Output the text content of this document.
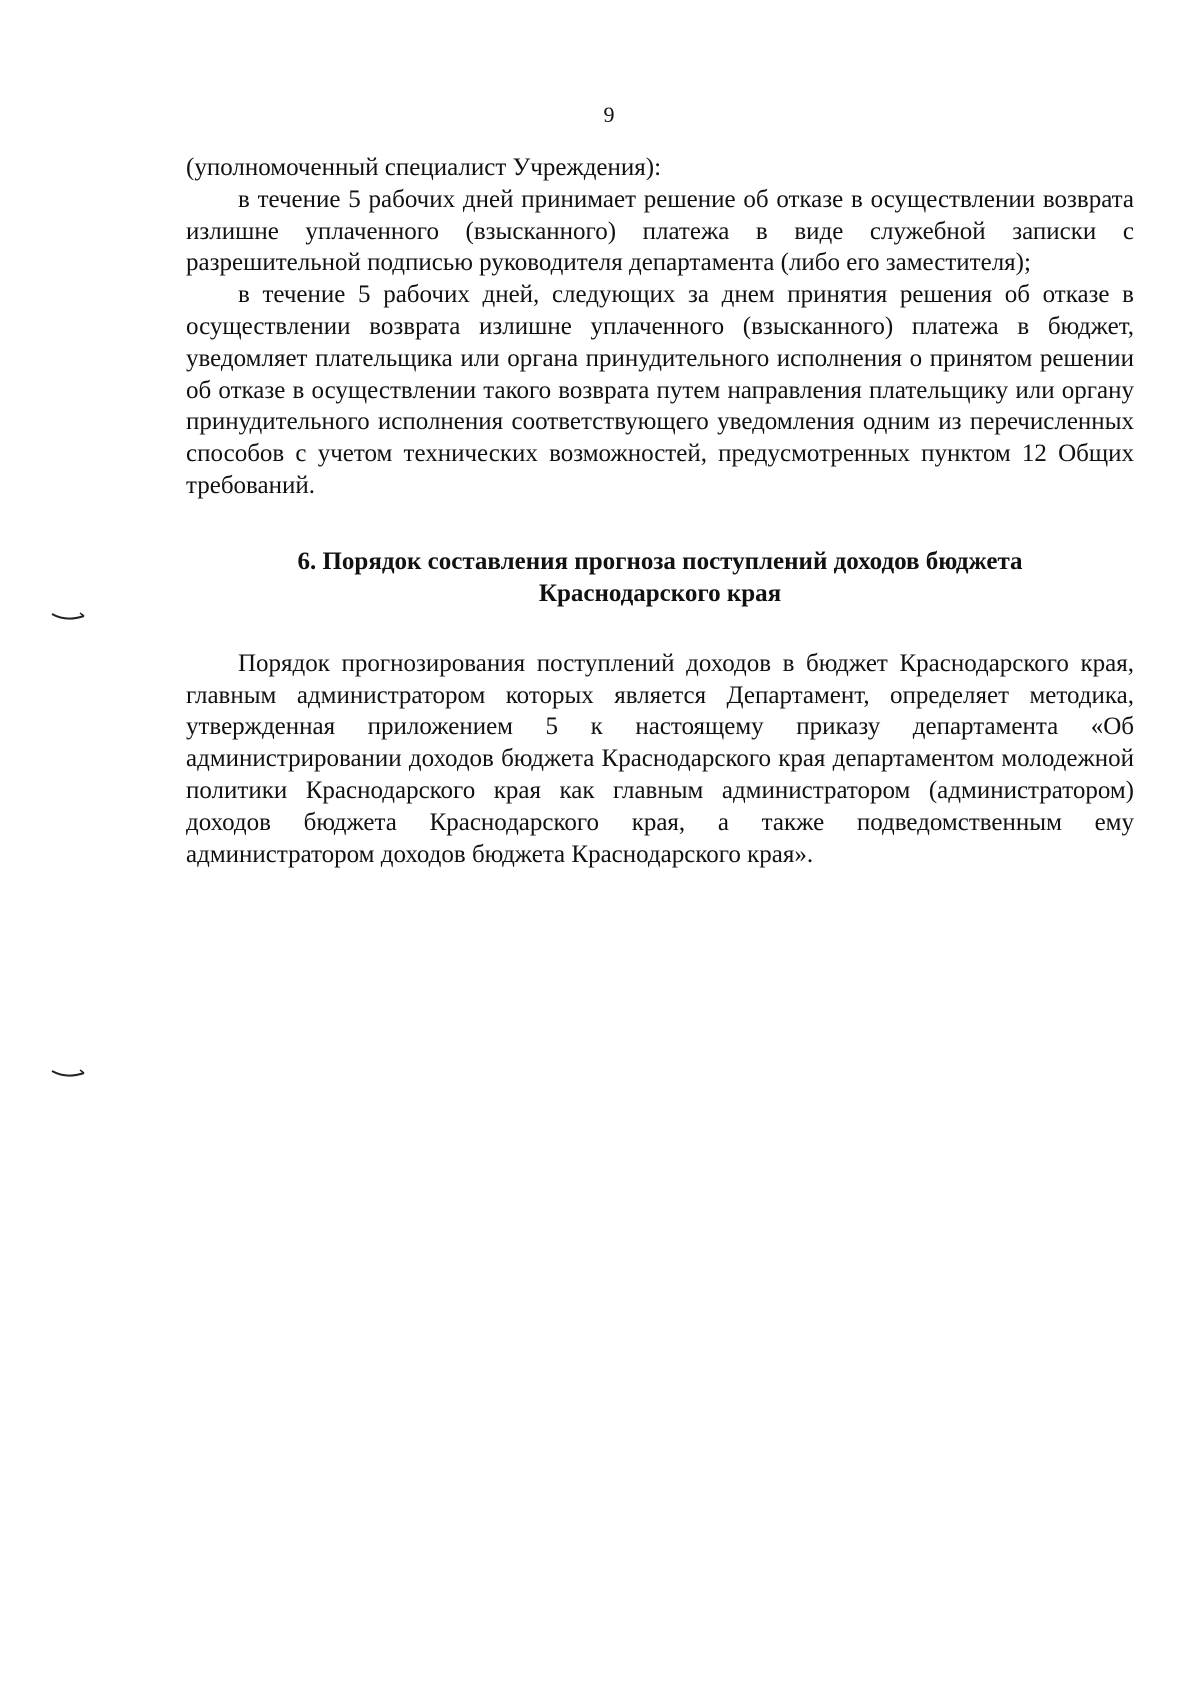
9

(уполномоченный специалист Учреждения):

в течение 5 рабочих дней принимает решение об отказе в осуществлении возврата излишне уплаченного (взысканного) платежа в виде служебной записки с разрешительной подписью руководителя департамента (либо его заместителя);

в течение 5 рабочих дней, следующих за днем принятия решения об отказе в осуществлении возврата излишне уплаченного (взысканного) платежа в бюджет, уведомляет плательщика или органа принудительного исполнения о принятом решении об отказе в осуществлении такого возврата путем направления плательщику или органу принудительного исполнения соответствующего уведомления одним из перечисленных способов с учетом технических возможностей, предусмотренных пунктом 12 Общих требований.

6. Порядок составления прогноза поступлений доходов бюджета
Краснодарского края

Порядок прогнозирования поступлений доходов в бюджет Краснодарского края, главным администратором которых является Департамент, определяет методика, утвержденная приложением 5 к настоящему приказу департамента «Об администрировании доходов бюджета Краснодарского края департаментом молодежной политики Краснодарского края как главным администратором (администратором) доходов бюджета Краснодарского края, а также подведомственным ему администратором доходов бюджета Краснодарского края».
